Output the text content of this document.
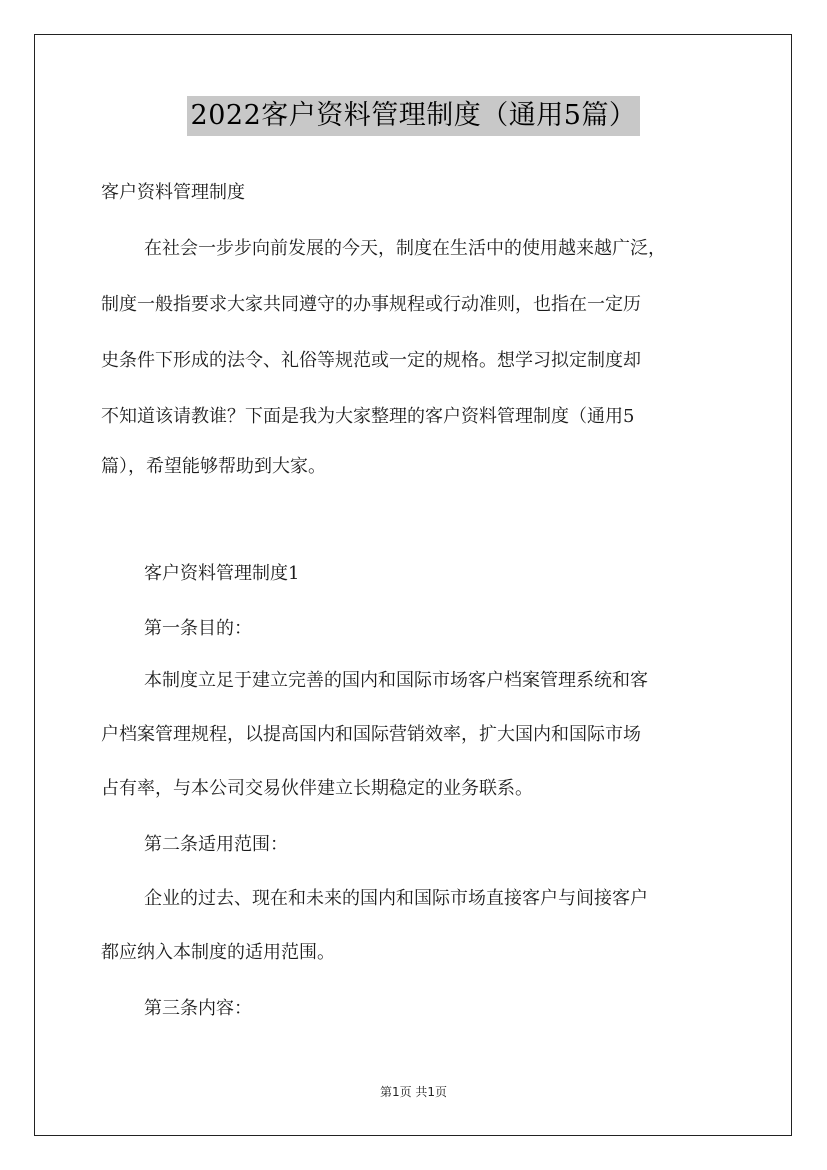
2022客户资料管理制度（通用5篇）
客户资料管理制度
在社会一步步向前发展的今天，制度在生活中的使用越来越广泛，
制度一般指要求大家共同遵守的办事规程或行动准则，也指在一定历
史条件下形成的法令、礼俗等规范或一定的规格。想学习拟定制度却
不知道该请教谁？下面是我为大家整理的客户资料管理制度（通用5
篇），希望能够帮助到大家。
客户资料管理制度1
第一条目的：
本制度立足于建立完善的国内和国际市场客户档案管理系统和客
户档案管理规程，以提高国内和国际营销效率，扩大国内和国际市场
占有率，与本公司交易伙伴建立长期稳定的业务联系。
第二条适用范围：
企业的过去、现在和未来的国内和国际市场直接客户与间接客户
都应纳入本制度的适用范围。
第三条内容：
第1页 共1页
